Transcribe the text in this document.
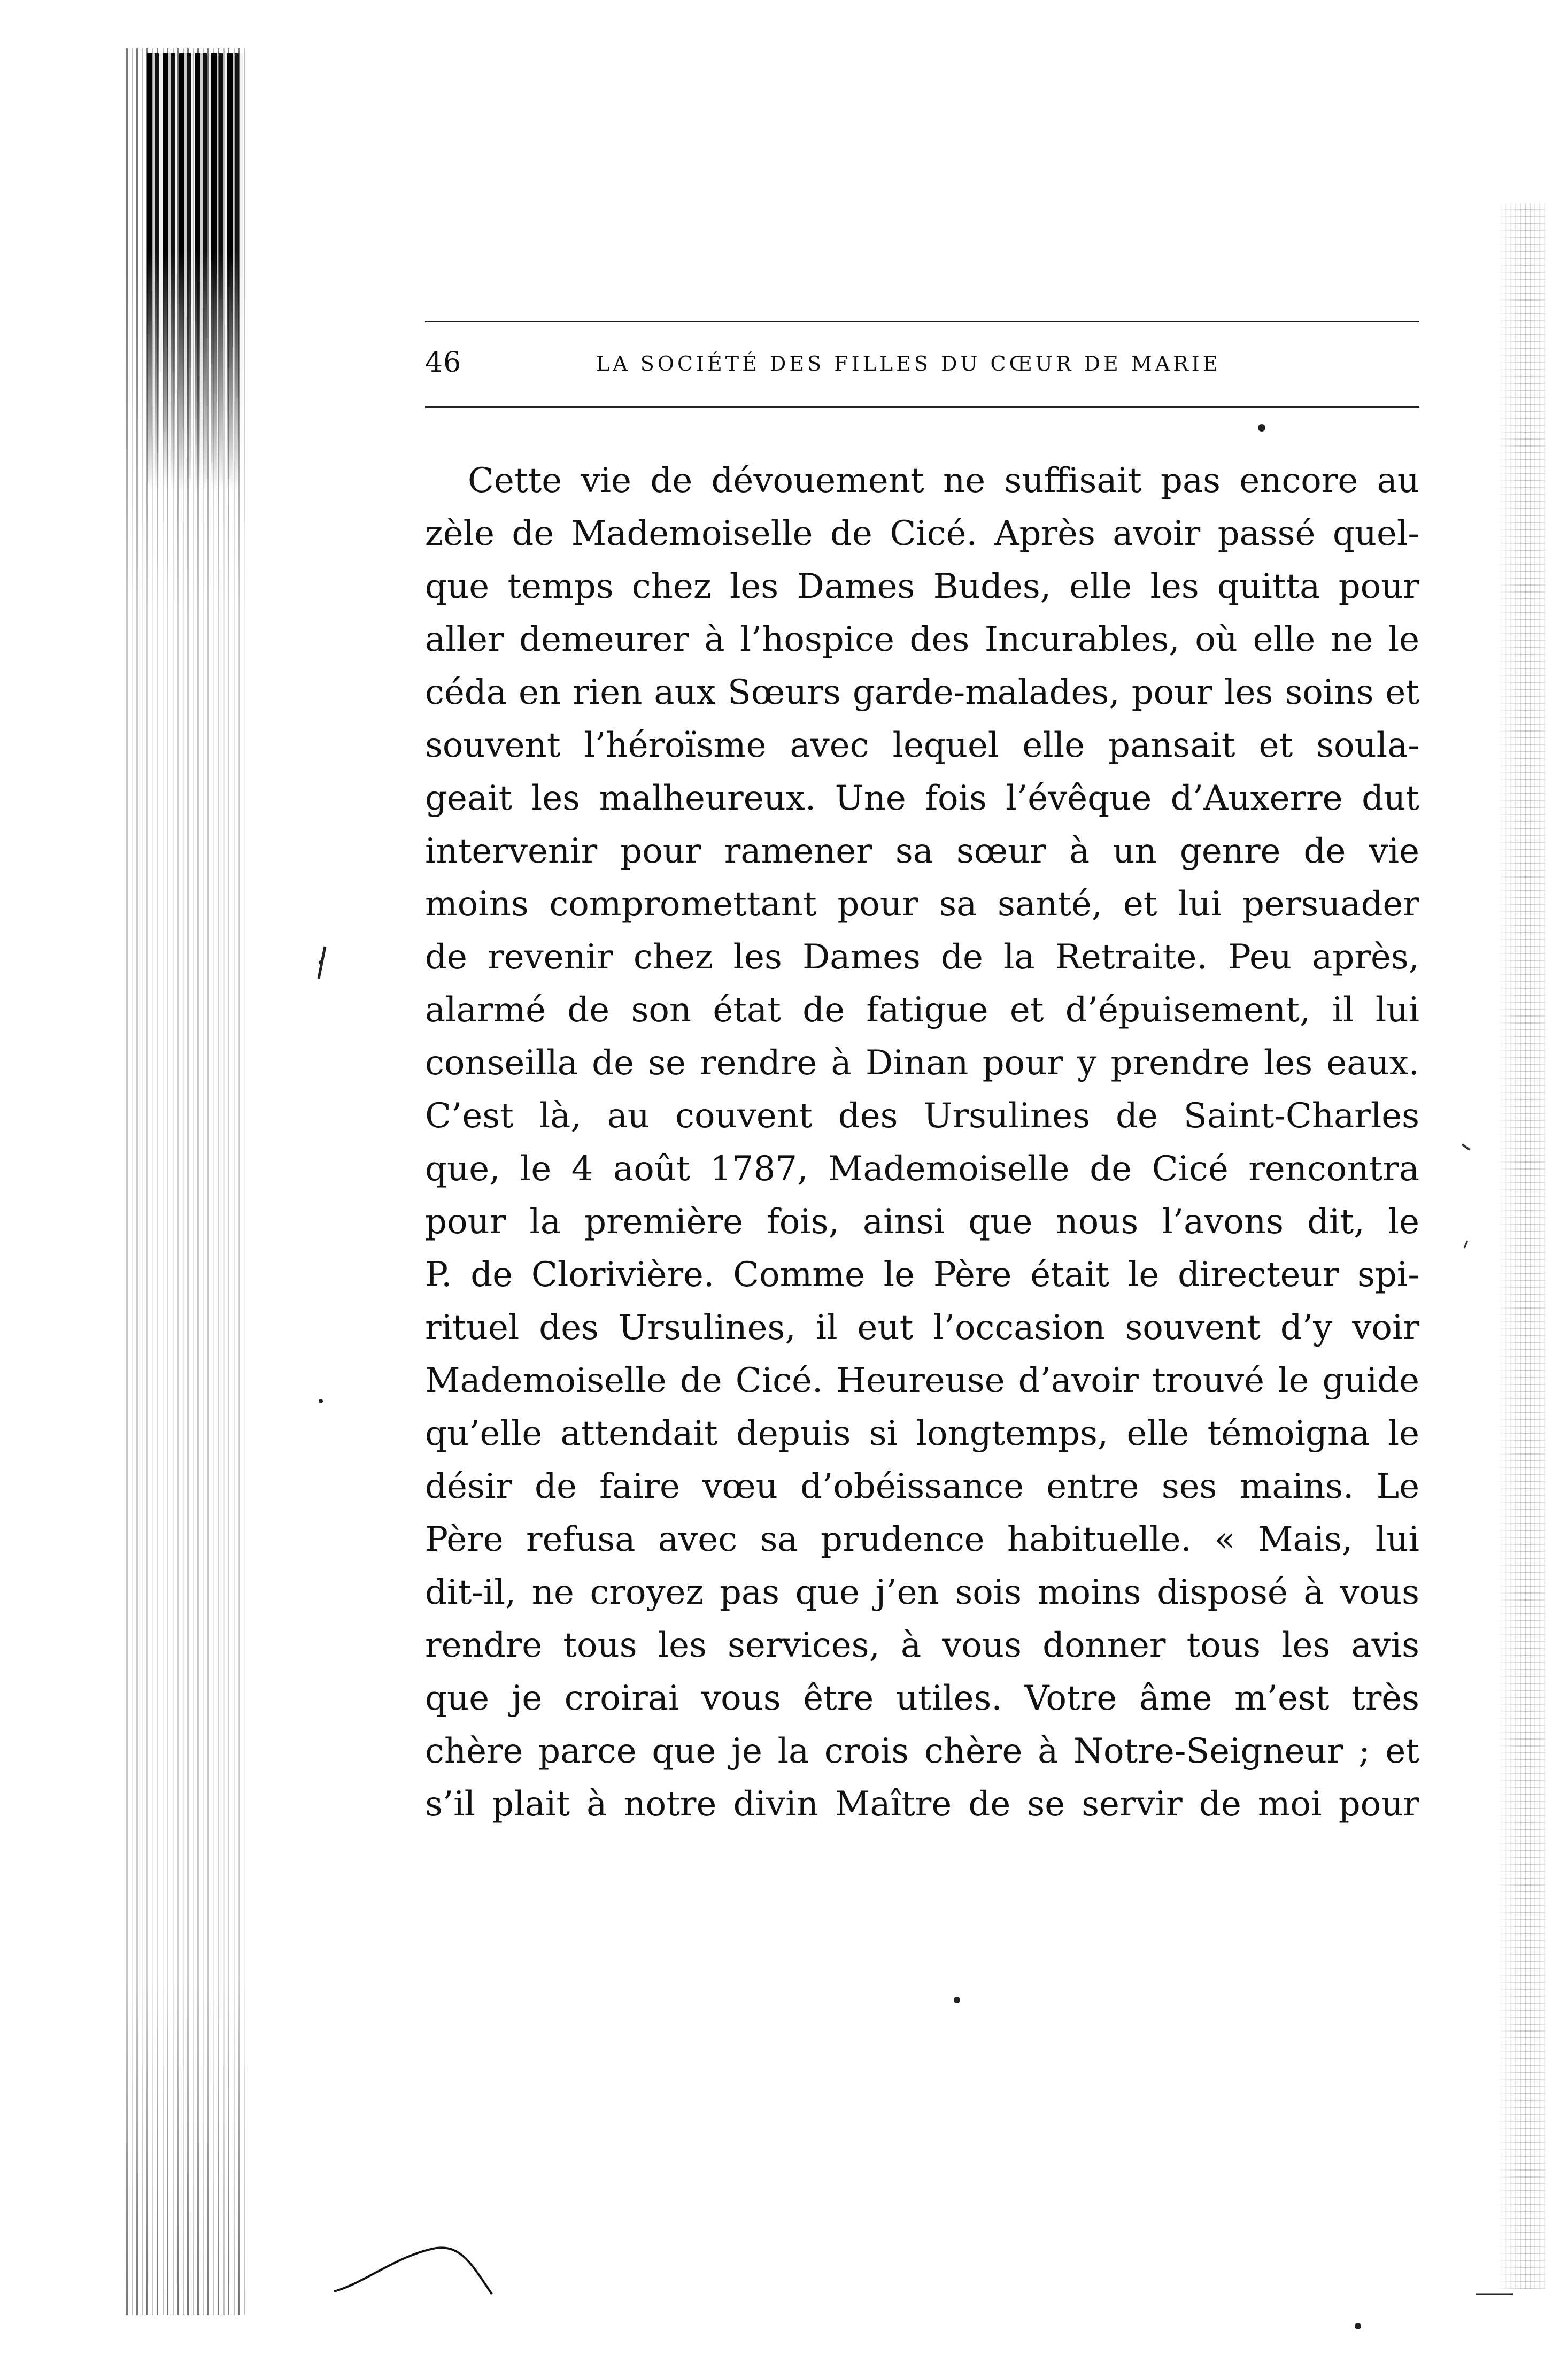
46	LA SOCIÉTÉ DES FILLES DU CŒUR DE MARIE
Cette vie de dévouement ne suffisait pas encore au
zèle de Mademoiselle de Cicé. Après avoir passé quel-
que temps chez les Dames Budes, elle les quitta pour
aller demeurer à l’hospice des Incurables, où elle ne le
céda en rien aux Sœurs garde-malades, pour les soins et
souvent l’héroïsme avec lequel elle pansait et soula-
geait les malheureux. Une fois l’évêque d’Auxerre dut
intervenir pour ramener sa sœur à un genre de vie
moins compromettant pour sa santé, et lui persuader
de revenir chez les Dames de la Retraite. Peu après,
alarmé de son état de fatigue et d’épuisement, il lui
conseilla de se rendre à Dinan pour y prendre les eaux.
C’est là, au couvent des Ursulines de Saint-Charles
que, le 4 août 1787, Mademoiselle de Cicé rencontra
pour la première fois, ainsi que nous l’avons dit, le
P. de Clorivière. Comme le Père était le directeur spi-
rituel des Ursulines, il eut l’occasion souvent d’y voir
Mademoiselle de Cicé. Heureuse d’avoir trouvé le guide
qu’elle attendait depuis si longtemps, elle témoigna le
désir de faire vœu d’obéissance entre ses mains. Le
Père refusa avec sa prudence habituelle. « Mais, lui
dit-il, ne croyez pas que j’en sois moins disposé à vous
rendre tous les services, à vous donner tous les avis
que je croirai vous être utiles. Votre âme m’est très
chère parce que je la crois chère à Notre-Seigneur ; et
s’il plait à notre divin Maître de se servir de moi pour
